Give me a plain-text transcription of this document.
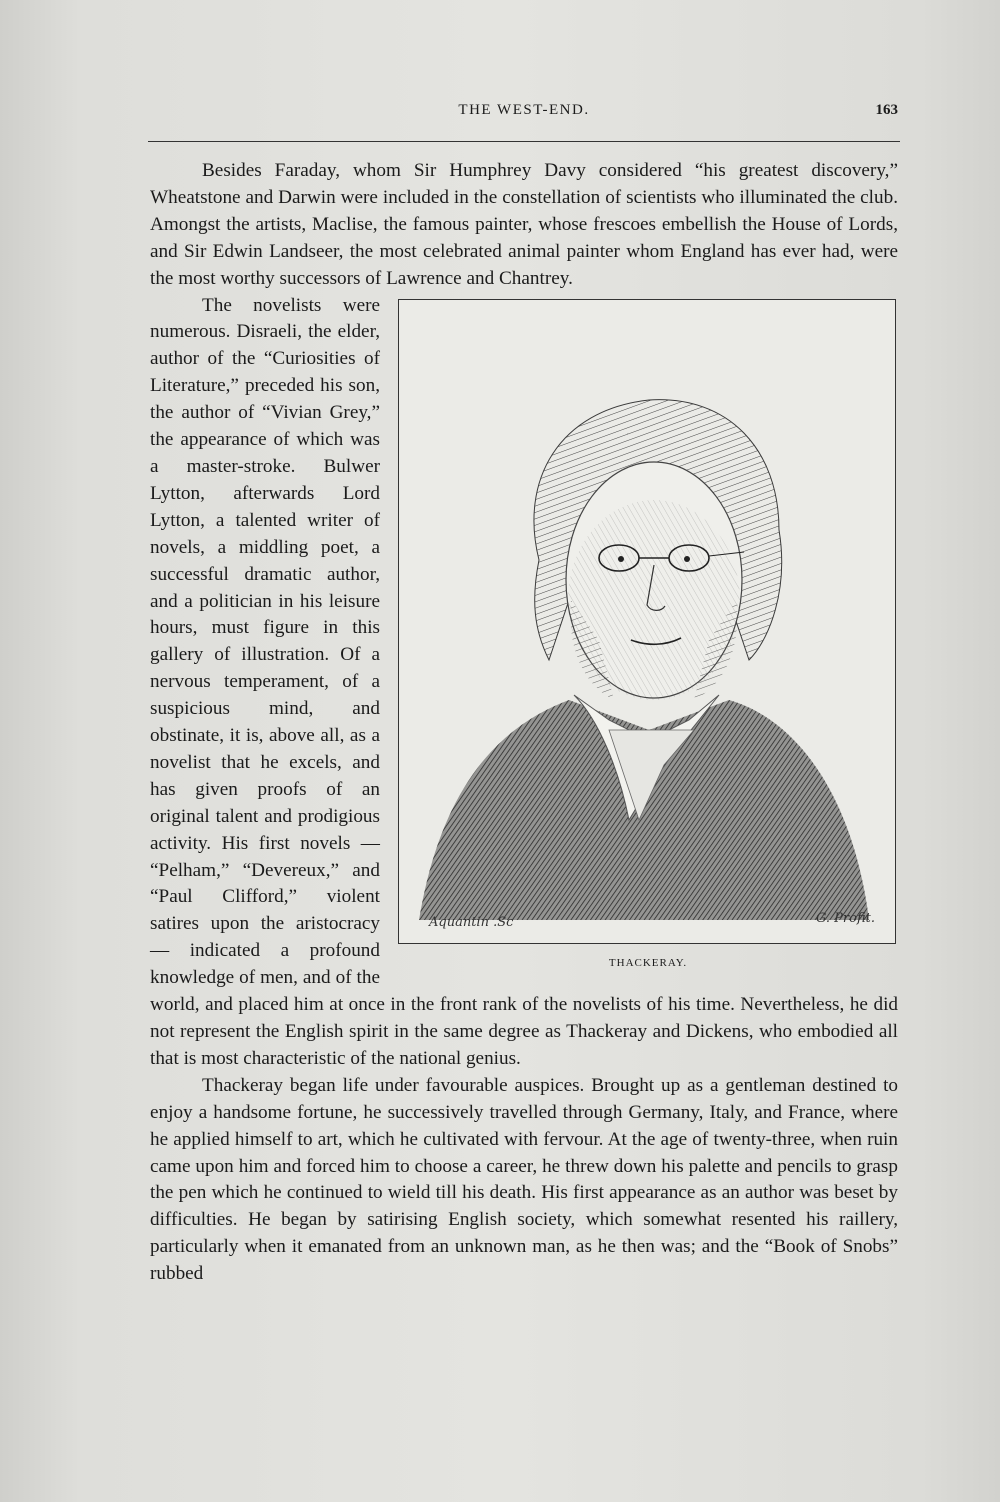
THE WEST-END.	163

Besides Faraday, whom Sir Humphrey Davy considered “his greatest discovery,” Wheatstone and Darwin were included in the constellation of scientists who illuminated the club. Amongst the artists, Maclise, the famous painter, whose frescoes embellish the House of Lords, and Sir Edwin Landseer, the most celebrated animal painter whom England has ever had, were the most worthy successors of Lawrence and Chantrey.

Aquantin .Sc	G. Profit.
THACKERAY.

The novelists were numerous. Disraeli, the elder, author of the “Curiosities of Literature,” preceded his son, the author of “Vivian Grey,” the appearance of which was a master-stroke. Bulwer Lytton, afterwards Lord Lytton, a talented writer of novels, a middling poet, a successful dramatic author, and a politician in his leisure hours, must figure in this gallery of illustration. Of a nervous temperament, of a suspicious mind, and obstinate, it is, above all, as a novelist that he excels, and has given proofs of an original talent and prodigious activity. His first novels — “Pelham,” “Devereux,” and “Paul Clifford,” violent satires upon the aristocracy — indicated a profound knowledge of men, and of the world, and placed him at once in the front rank of the novelists of his time. Nevertheless, he did not represent the English spirit in the same degree as Thackeray and Dickens, who embodied all that is most characteristic of the national genius.

Thackeray began life under favourable auspices. Brought up as a gentleman destined to enjoy a handsome fortune, he successively travelled through Germany, Italy, and France, where he applied himself to art, which he cultivated with fervour. At the age of twenty-three, when ruin came upon him and forced him to choose a career, he threw down his palette and pencils to grasp the pen which he continued to wield till his death. His first appearance as an author was beset by difficulties. He began by satirising English society, which somewhat resented his raillery, particularly when it emanated from an unknown man, as he then was; and the “Book of Snobs” rubbed
